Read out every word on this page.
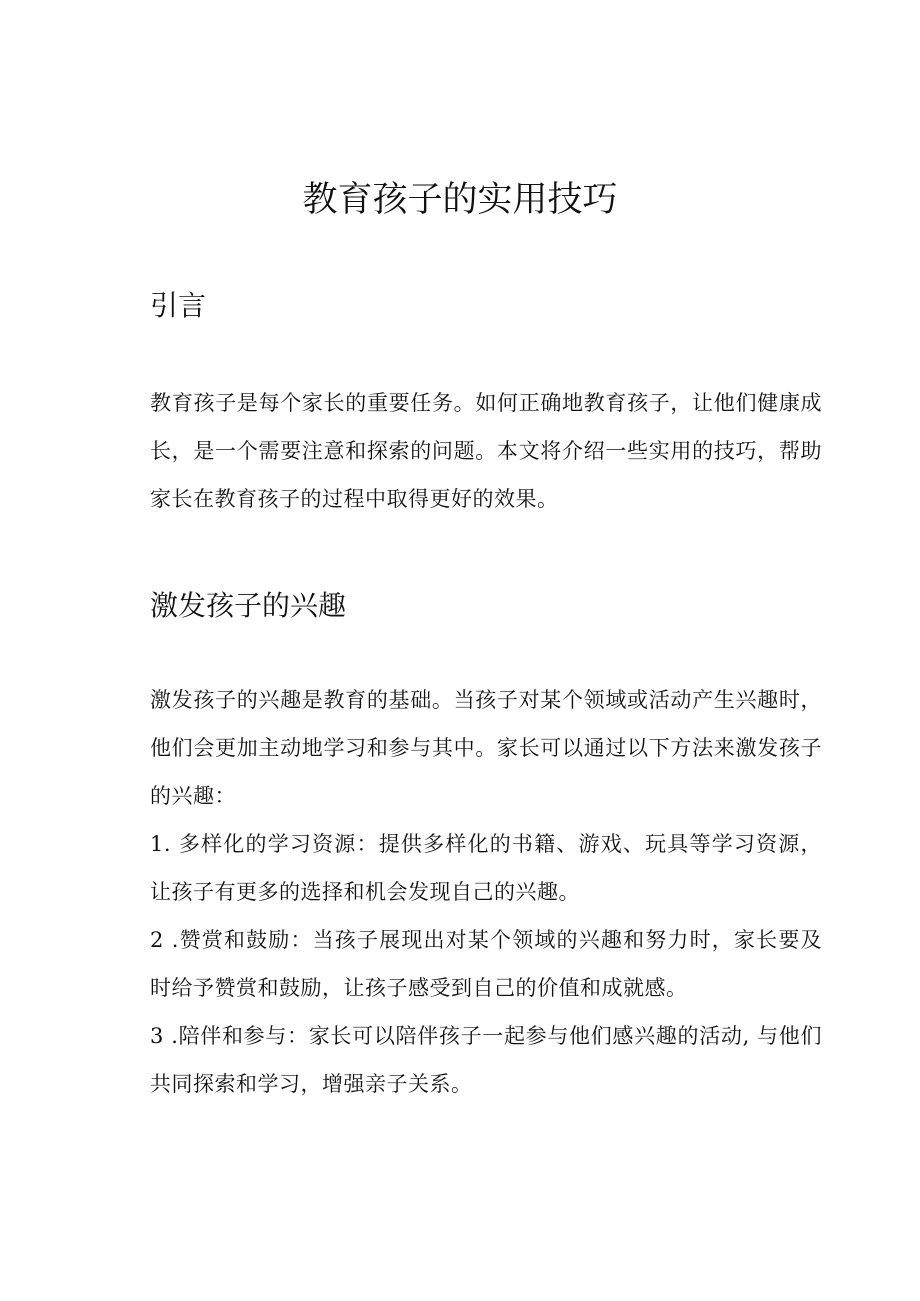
教育孩子的实用技巧
引言

教育孩子是每个家长的重要任务。如何正确地教育孩子，让他们健康成长，是一个需要注意和探索的问题。本文将介绍一些实用的技巧，帮助家长在教育孩子的过程中取得更好的效果。

激发孩子的兴趣

激发孩子的兴趣是教育的基础。当孩子对某个领域或活动产生兴趣时，他们会更加主动地学习和参与其中。家长可以通过以下方法来激发孩子的兴趣：

1. 多样化的学习资源：提供多样化的书籍、游戏、玩具等学习资源，让孩子有更多的选择和机会发现自己的兴趣。

2 .赞赏和鼓励：当孩子展现出对某个领域的兴趣和努力时，家长要及时给予赞赏和鼓励，让孩子感受到自己的价值和成就感。

3 .陪伴和参与：家长可以陪伴孩子一起参与他们感兴趣的活动, 与他们共同探索和学习，增强亲子关系。
